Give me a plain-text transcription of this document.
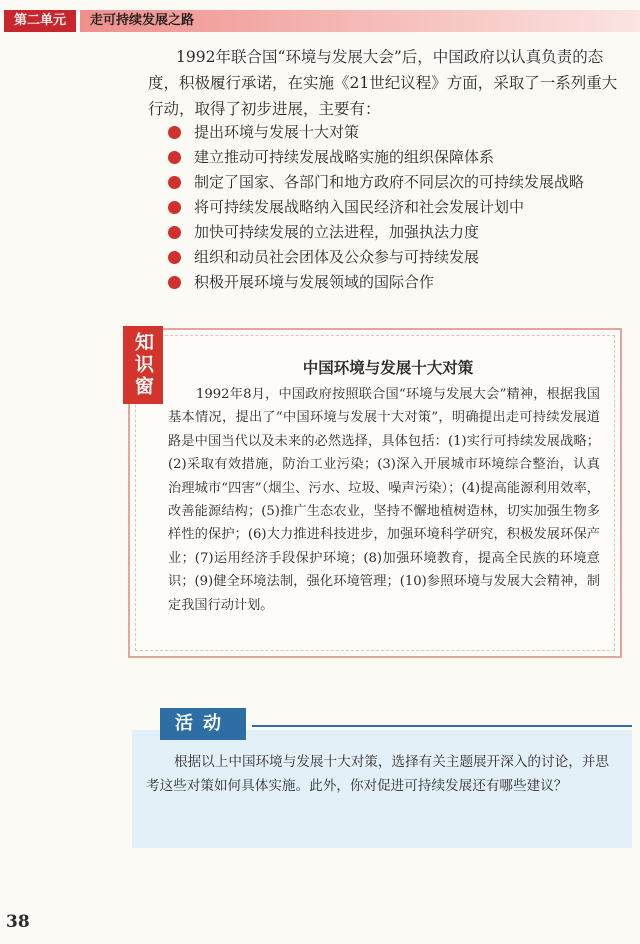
第二单元	走可持续发展之路

1992年联合国“环境与发展大会”后，中国政府以认真负责的态度，积极履行承诺，在实施《21世纪议程》方面，采取了一系列重大行动，取得了初步进展，主要有：

提出环境与发展十大对策
建立推动可持续发展战略实施的组织保障体系
制定了国家、各部门和地方政府不同层次的可持续发展战略
将可持续发展战略纳入国民经济和社会发展计划中
加快可持续发展的立法进程，加强执法力度
组织和动员社会团体及公众参与可持续发展
积极开展环境与发展领域的国际合作
知识窗	中国环境与发展十大对策

1992年8月，中国政府按照联合国“环境与发展大会”精神，根据我国基本情况，提出了“中国环境与发展十大对策”，明确提出走可持续发展道路是中国当代以及未来的必然选择，具体包括：(1)实行可持续发展战略；(2)采取有效措施，防治工业污染；(3)深入开展城市环境综合整治，认真治理城市“四害”（烟尘、污水、垃圾、噪声污染）；(4)提高能源利用效率，改善能源结构；(5)推广生态农业，坚持不懈地植树造林，切实加强生物多样性的保护；(6)大力推进科技进步，加强环境科学研究，积极发展环保产业；(7)运用经济手段保护环境；(8)加强环境教育，提高全民族的环境意识；(9)健全环境法制，强化环境管理；(10)参照环境与发展大会精神，制定我国行动计划。

活动

根据以上中国环境与发展十大对策，选择有关主题展开深入的讨论，并思考这些对策如何具体实施。此外，你对促进可持续发展还有哪些建议？

38
